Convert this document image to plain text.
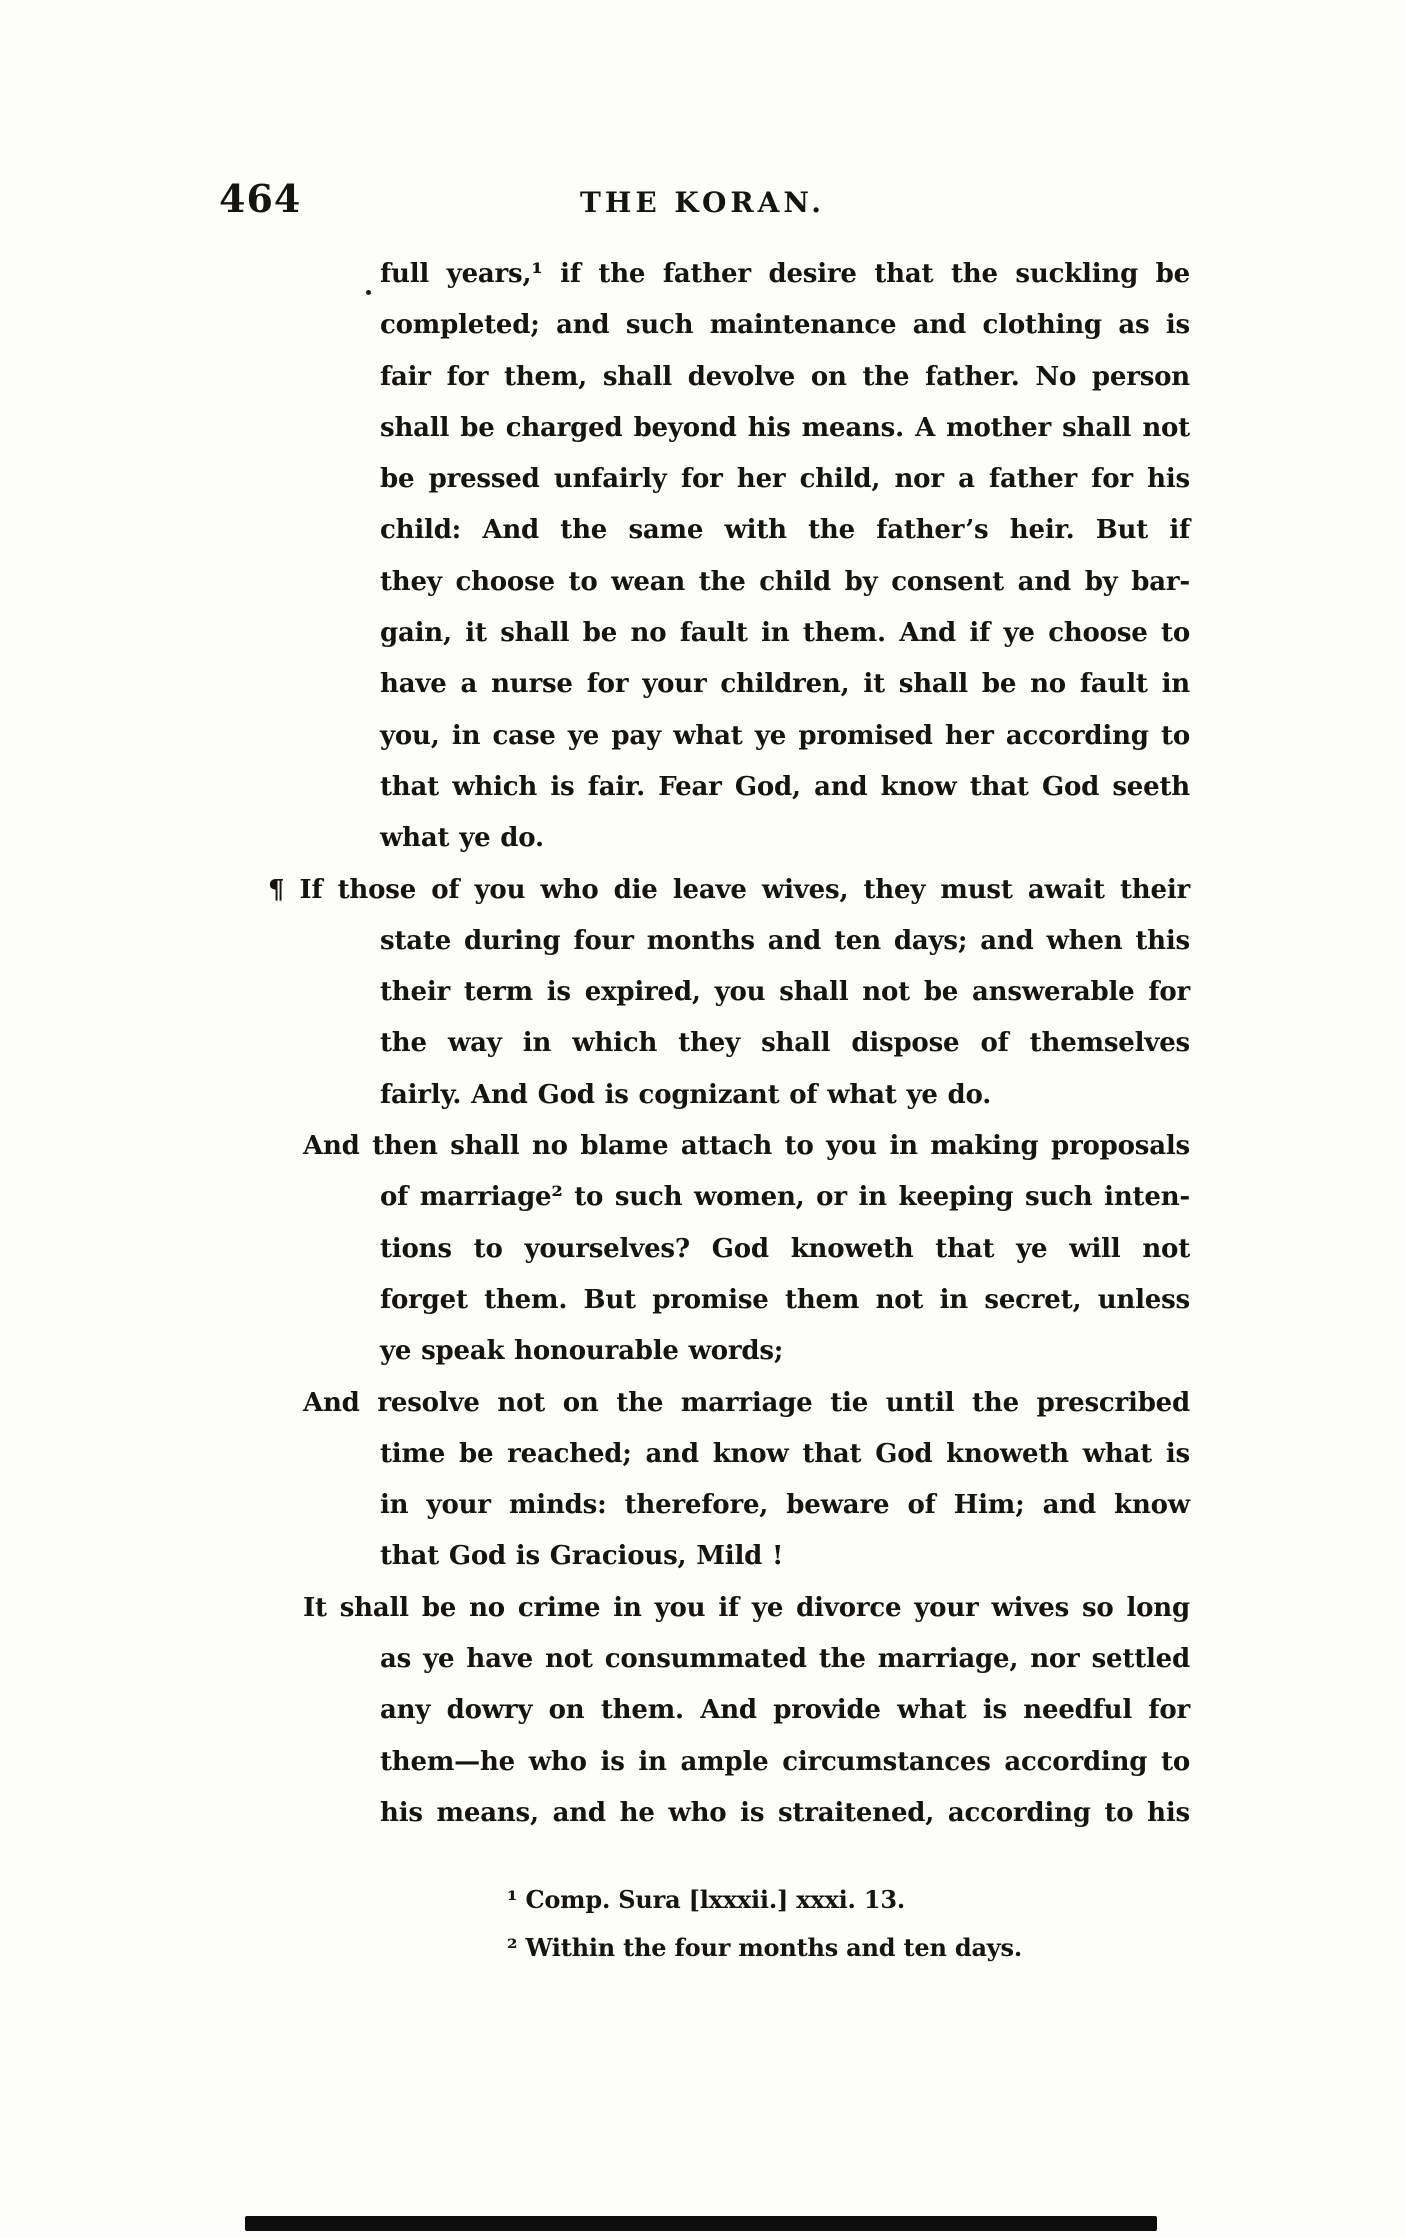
464	THE KORAN.
full years,¹ if the father desire that the suckling be
completed; and such maintenance and clothing as is
fair for them, shall devolve on the father. No person
shall be charged beyond his means. A mother shall not
be pressed unfairly for her child, nor a father for his
child: And the same with the father’s heir. But if
they choose to wean the child by consent and by bar-
gain, it shall be no fault in them. And if ye choose to
have a nurse for your children, it shall be no fault in
you, in case ye pay what ye promised her according to
that which is fair. Fear God, and know that God seeth
what ye do.
¶ If those of you who die leave wives, they must await their
state during four months and ten days; and when this
their term is expired, you shall not be answerable for
the way in which they shall dispose of themselves
fairly. And God is cognizant of what ye do.
And then shall no blame attach to you in making proposals
of marriage² to such women, or in keeping such inten-
tions to yourselves? God knoweth that ye will not
forget them. But promise them not in secret, unless
ye speak honourable words;
And resolve not on the marriage tie until the prescribed
time be reached; and know that God knoweth what is
in your minds: therefore, beware of Him; and know
that God is Gracious, Mild !
It shall be no crime in you if ye divorce your wives so long
as ye have not consummated the marriage, nor settled
any dowry on them. And provide what is needful for
them—he who is in ample circumstances according to
his means, and he who is straitened, according to his
¹ Comp. Sura [lxxxii.] xxxi. 13.
² Within the four months and ten days.
